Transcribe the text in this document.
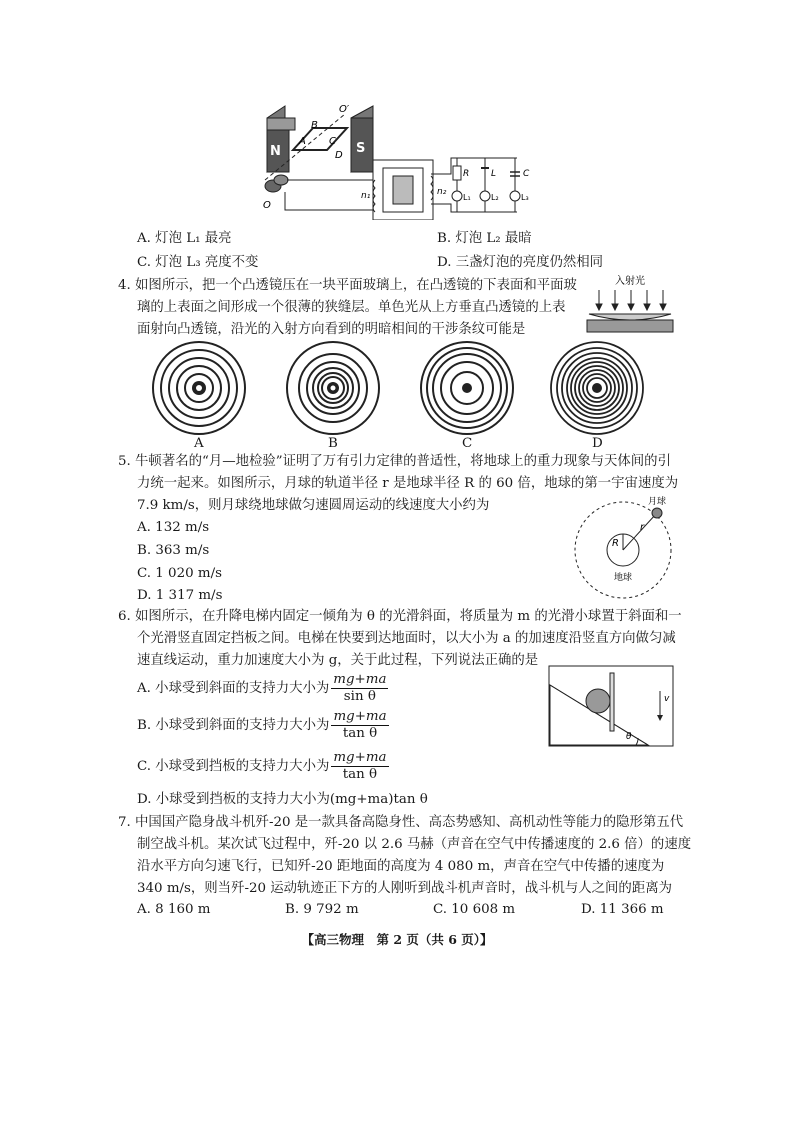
N	S
A
B
C
D
O′
O
n₁	n₂
R L	C
L₁	L₂	L₃
A. 灯泡 L₁ 最亮	B. 灯泡 L₂ 最暗
C. 灯泡 L₃ 亮度不变	D. 三盏灯泡的亮度仍然相同
4. 如图所示，把一个凸透镜压在一块平面玻璃上，在凸透镜的下表面和平面玻
璃的上表面之间形成一个很薄的狭缝层。单色光从上方垂直凸透镜的上表
面射向凸透镜，沿光的入射方向看到的明暗相间的干涉条纹可能是
入射光
A	B	C	D
5. 牛顿著名的“月—地检验”证明了万有引力定律的普适性，将地球上的重力现象与天体间的引
力统一起来。如图所示，月球的轨道半径 r 是地球半径 R 的 60 倍，地球的第一宇宙速度为
7.9 km/s，则月球绕地球做匀速圆周运动的线速度大小约为
A. 132 m/s
B. 363 m/s
C. 1 020 m/s
D. 1 317 m/s
R
r
月球
地球
6. 如图所示，在升降电梯内固定一倾角为 θ 的光滑斜面，将质量为 m 的光滑小球置于斜面和一
个光滑竖直固定挡板之间。电梯在快要到达地面时，以大小为 a 的加速度沿竖直方向做匀减
速直线运动，重力加速度大小为 g，关于此过程，下列说法正确的是
A. 小球受到斜面的支持力大小为 $\frac{mg+ma}{\text{sin θ}}$
B. 小球受到斜面的支持力大小为 $\frac{mg+ma}{\text{tan θ}}$
C. 小球受到挡板的支持力大小为 $\frac{mg+ma}{\text{tan θ}}$
D. 小球受到挡板的支持力大小为(mg+ma)tan θ
v
θ
7. 中国国产隐身战斗机歼-20 是一款具备高隐身性、高态势感知、高机动性等能力的隐形第五代
制空战斗机。某次试飞过程中，歼-20 以 2.6 马赫（声音在空气中传播速度的 2.6 倍）的速度
沿水平方向匀速飞行，已知歼-20 距地面的高度为 4 080 m，声音在空气中传播的速度为
340 m/s，则当歼-20 运动轨迹正下方的人刚听到战斗机声音时，战斗机与人之间的距离为
A. 8 160 m	B. 9 792 m	C. 10 608 m	D. 11 366 m
【高三物理　第 2 页（共 6 页）】
